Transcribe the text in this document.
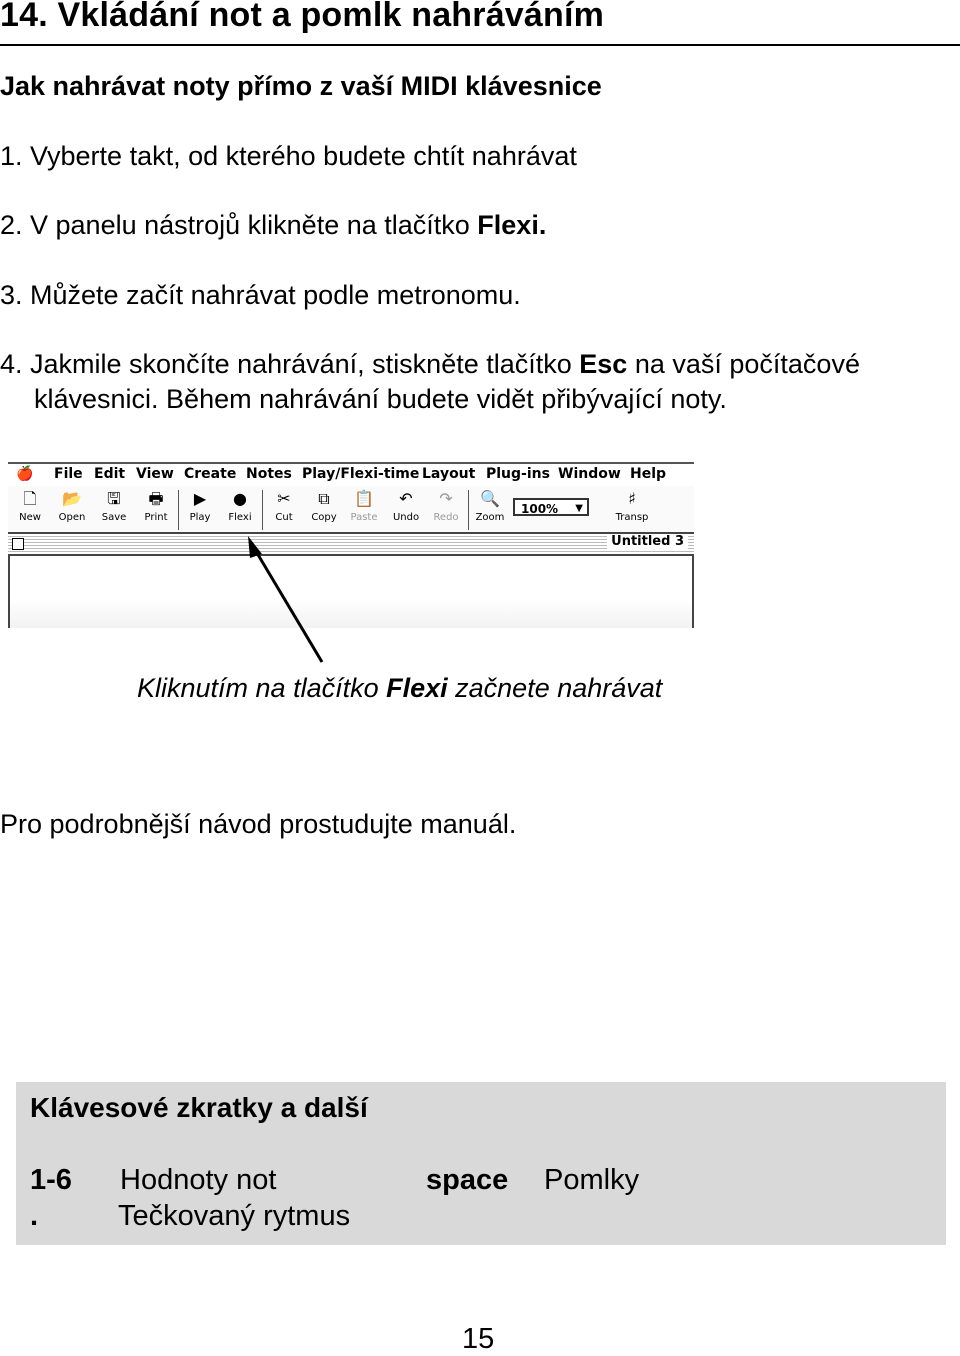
14. Vkládání not a pomlk nahráváním
Jak nahrávat noty přímo z vaší MIDI klávesnice
1. Vyberte takt, od kterého budete chtít nahrávat
2. V panelu nástrojů klikněte na tlačítko Flexi.
3. Můžete začít nahrávat podle metronomu.
4. Jakmile skončíte nahrávání, stiskněte tlačítko Esc na vaší počítačové
klávesnici. Během nahrávání budete vidět přibývající noty.
🍎 File Edit View Create Notes Play/Flexi-time Layout Plug-ins Window Help
🗋
New
📂
Open
🖫
Save
🖶
Print
▶
Play
●
Flexi
✂
Cut
⧉
Copy
📋
Paste
↶
Undo
↷
Redo
🔍
Zoom
100% ▼
♯
Transp
Untitled 3
Kliknutím na tlačítko Flexi začnete nahrávat
Pro podrobnější návod prostudujte manuál.
Klávesové zkratky a další
1-6 Hodnoty not	space Pomlky
.	Tečkovaný rytmus
15
